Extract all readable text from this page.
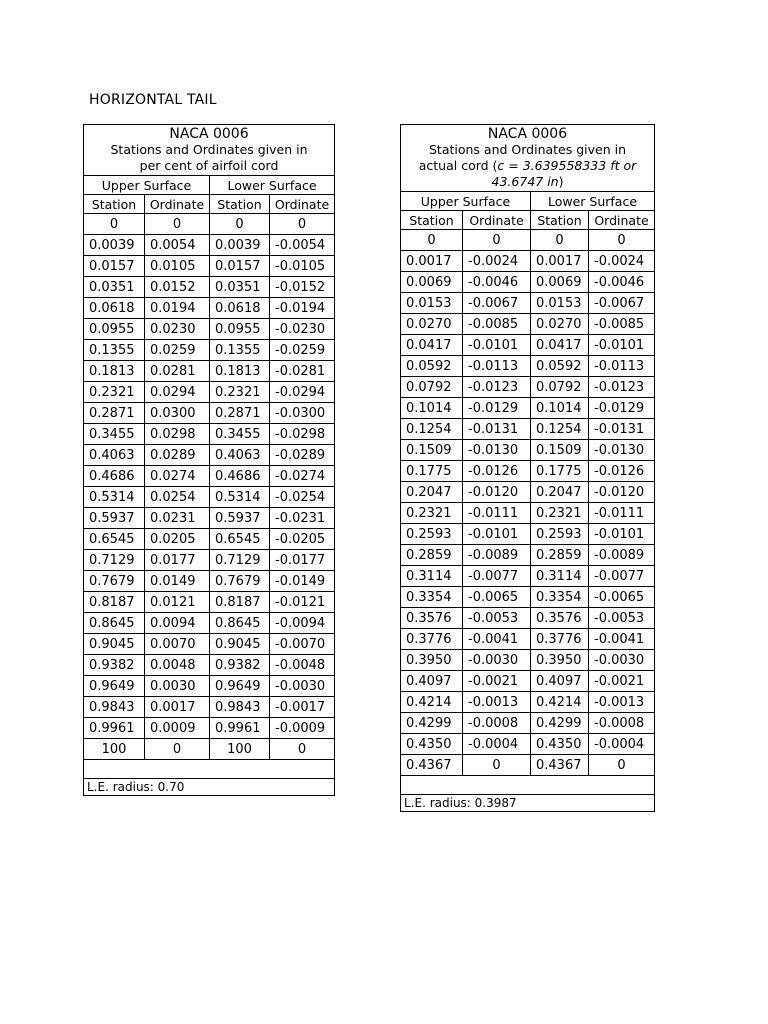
HORIZONTAL TAIL
NACA 0006
Stations and Ordinates given in per cent of airfoil cord			

Upper Surface		Lower Surface	
Station	Ordinate	Station	Ordinate
0	0	0	0
0.0039	0.0054	0.0039	-0.0054
0.0157	0.0105	0.0157	-0.0105
0.0351	0.0152	0.0351	-0.0152
0.0618	0.0194	0.0618	-0.0194
0.0955	0.0230	0.0955	-0.0230
0.1355	0.0259	0.1355	-0.0259
0.1813	0.0281	0.1813	-0.0281
0.2321	0.0294	0.2321	-0.0294
0.2871	0.0300	0.2871	-0.0300
0.3455	0.0298	0.3455	-0.0298
0.4063	0.0289	0.4063	-0.0289
0.4686	0.0274	0.4686	-0.0274
0.5314	0.0254	0.5314	-0.0254
0.5937	0.0231	0.5937	-0.0231
0.6545	0.0205	0.6545	-0.0205
0.7129	0.0177	0.7129	-0.0177
0.7679	0.0149	0.7679	-0.0149
0.8187	0.0121	0.8187	-0.0121
0.8645	0.0094	0.8645	-0.0094
0.9045	0.0070	0.9045	-0.0070
0.9382	0.0048	0.9382	-0.0048
0.9649	0.0030	0.9649	-0.0030
0.9843	0.0017	0.9843	-0.0017
0.9961	0.0009	0.9961	-0.0009
100	0	100	0

L.E. radius: 0.70			
NACA 0006
Stations and Ordinates given in actual cord (c = 3.639558333 ft or 43.6747 in)			

Upper Surface		Lower Surface	
Station	Ordinate	Station	Ordinate
0	0	0	0
0.0017	-0.0024	0.0017	-0.0024
0.0069	-0.0046	0.0069	-0.0046
0.0153	-0.0067	0.0153	-0.0067
0.0270	-0.0085	0.0270	-0.0085
0.0417	-0.0101	0.0417	-0.0101
0.0592	-0.0113	0.0592	-0.0113
0.0792	-0.0123	0.0792	-0.0123
0.1014	-0.0129	0.1014	-0.0129
0.1254	-0.0131	0.1254	-0.0131
0.1509	-0.0130	0.1509	-0.0130
0.1775	-0.0126	0.1775	-0.0126
0.2047	-0.0120	0.2047	-0.0120
0.2321	-0.0111	0.2321	-0.0111
0.2593	-0.0101	0.2593	-0.0101
0.2859	-0.0089	0.2859	-0.0089
0.3114	-0.0077	0.3114	-0.0077
0.3354	-0.0065	0.3354	-0.0065
0.3576	-0.0053	0.3576	-0.0053
0.3776	-0.0041	0.3776	-0.0041
0.3950	-0.0030	0.3950	-0.0030
0.4097	-0.0021	0.4097	-0.0021
0.4214	-0.0013	0.4214	-0.0013
0.4299	-0.0008	0.4299	-0.0008
0.4350	-0.0004	0.4350	-0.0004
0.4367	0	0.4367	0

L.E. radius: 0.3987			
